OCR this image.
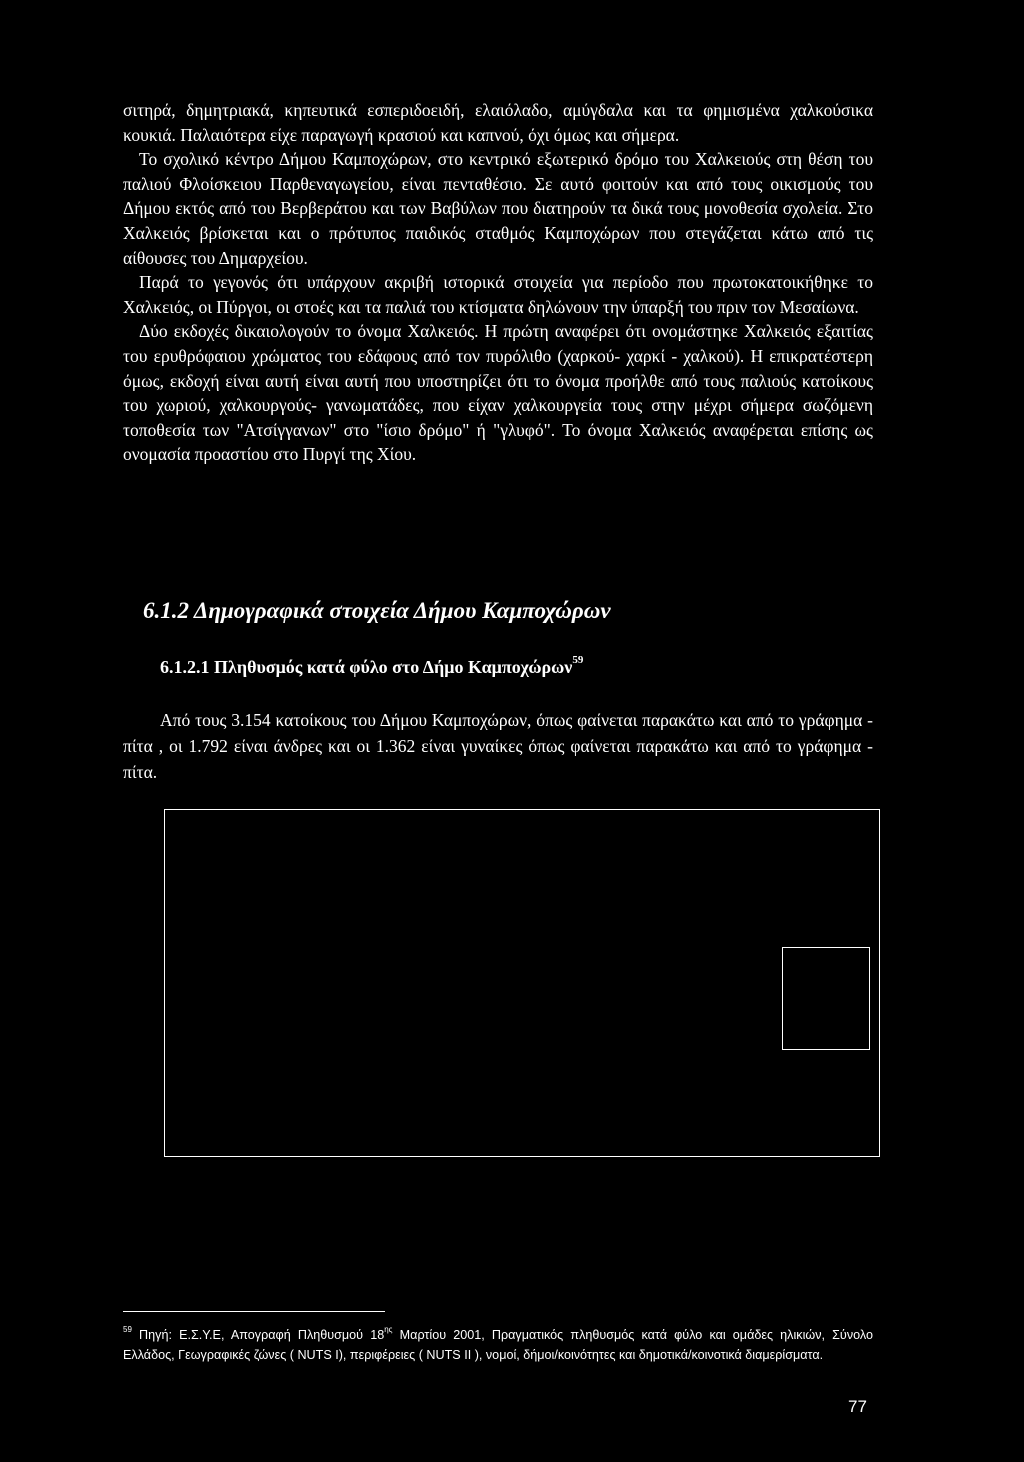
σιτηρά, δημητριακά, κηπευτικά εσπεριδοειδή, ελαιόλαδο, αμύγδαλα και τα φημισμένα χαλκούσικα κουκιά. Παλαιότερα είχε παραγωγή κρασιού και καπνού, όχι όμως και σήμερα.
Το σχολικό κέντρο Δήμου Καμποχώρων, στο κεντρικό εξωτερικό δρόμο του Χαλκειούς στη θέση του παλιού Φλοίσκειου Παρθεναγωγείου, είναι πενταθέσιο. Σε αυτό φοιτούν και από τους οικισμούς του Δήμου εκτός από του Βερβεράτου και των Βαβύλων που διατηρούν τα δικά τους μονοθεσία σχολεία. Στο Χαλκειός βρίσκεται και ο πρότυπος παιδικός σταθμός Καμποχώρων που στεγάζεται κάτω από τις αίθουσες του Δημαρχείου.
Παρά το γεγονός ότι υπάρχουν ακριβή ιστορικά στοιχεία για περίοδο που πρωτοκατοικήθηκε το Χαλκειός, οι Πύργοι, οι στοές και τα παλιά του κτίσματα δηλώνουν την ύπαρξή του πριν τον Μεσαίωνα.
Δύο εκδοχές δικαιολογούν το όνομα Χαλκειός. Η πρώτη αναφέρει ότι ονομάστηκε Χαλκειός εξαιτίας του ερυθρόφαιου χρώματος του εδάφους από τον πυρόλιθο (χαρκού- χαρκί - χαλκού). Η επικρατέστερη όμως, εκδοχή είναι αυτή είναι αυτή που υποστηρίζει ότι το όνομα προήλθε από τους παλιούς κατοίκους του χωριού, χαλκουργούς- γανωματάδες, που είχαν χαλκουργεία τους στην μέχρι σήμερα σωζόμενη τοποθεσία των "Ατσίγγανων" στο "ίσιο δρόμο" ή "γλυφό". Το όνομα Χαλκειός αναφέρεται επίσης ως ονομασία προαστίου στο Πυργί της Χίου.

6.1.2 Δημογραφικά στοιχεία Δήμου Καμποχώρων
6.1.2.1 Πληθυσμός κατά φύλο στο Δήμο Καμποχώρων$^{59}$

Από τους 3.154 κατοίκους του Δήμου Καμποχώρων, όπως φαίνεται παρακάτω και από το γράφημα - πίτα , οι 1.792 είναι άνδρες και οι 1.362 είναι γυναίκες όπως φαίνεται παρακάτω και από το γράφημα - πίτα.

$^{59}$ Πηγή: Ε.Σ.Υ.Ε, Απογραφή Πληθυσμού $18^{\eta\varsigma}$ Μαρτίου 2001, Πραγματικός πληθυσμός κατά φύλο και ομάδες ηλικιών, Σύνολο Ελλάδος, Γεωγραφικές ζώνες ( NUTS I), περιφέρειες ( NUTS II ), νομοί, δήμοι/κοινότητες και δημοτικά/κοινοτικά διαμερίσματα.

77
